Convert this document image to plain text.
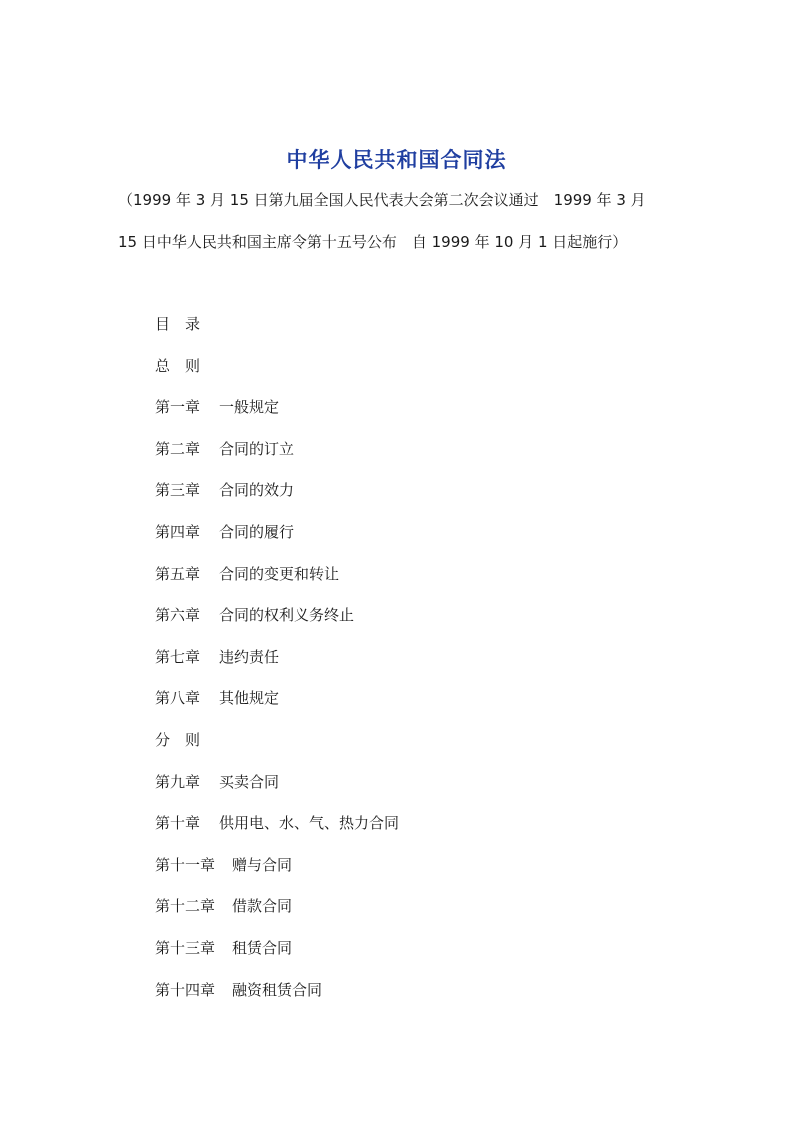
中华人民共和国合同法

（1999 年 3 月 15 日第九届全国人民代表大会第二次会议通过　1999 年 3 月

15 日中华人民共和国主席令第十五号公布　自 1999 年 10 月 1 日起施行）

目　录
总　则
第一章 一般规定
第二章 合同的订立
第三章 合同的效力
第四章 合同的履行
第五章 合同的变更和转让
第六章 合同的权利义务终止
第七章 违约责任
第八章 其他规定
分　则
第九章 买卖合同
第十章 供用电、水、气、热力合同
第十一章 赠与合同
第十二章 借款合同
第十三章 租赁合同
第十四章 融资租赁合同
